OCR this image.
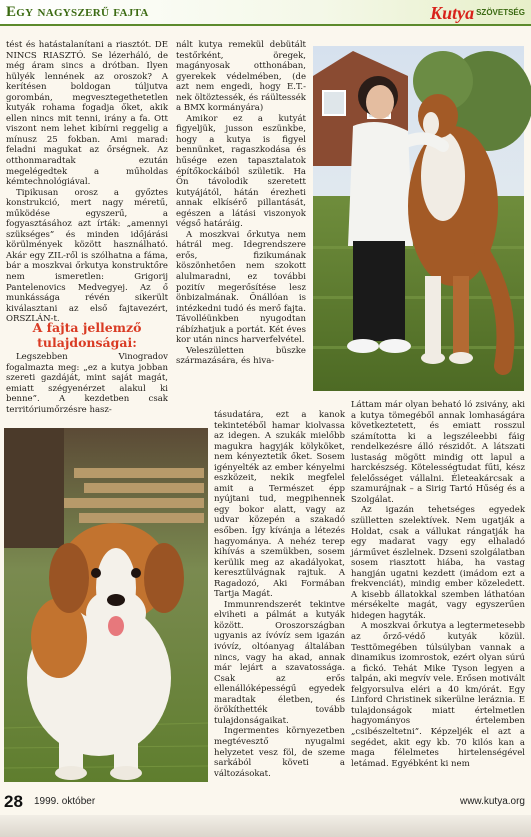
Egy nagyszerű fajta	Kutya $^{SZÖVETSÉG}$

tést és hatástalanítani a riasztót. DE NINCS RIASZTÓ. Se lézerháló, de még áram sincs a drótban. Ilyen hülyék lennének az oroszok? A kerítésen boldogan túljutva gorombán, megvesztegethetetlen kutyák rohama fogadja őket, akik ellen nincs mit tenni, irány a fa. Ott viszont nem lehet kibírni reggelig a mínusz 25 fokban. Ami marad: feladni magukat az őrségnek. Az otthonmaradtak ezután megelégedtek a műholdas kémtechnológiával.

Tipikusan orosz a győztes konstrukció, mert nagy méretű, működése egyszerű, a fogyasztásához azt írták: „amennyi szükséges” és minden időjárási körülmények között használható. Akár egy ZIL-ről is szólhatna a fáma, bár a moszkvai őrkutya konstruktőre nem ismeretlen: Grigorij Pantelenovics Medvegyej. Az ő munkássága révén sikerült kiválasztani az első fajtavezért, ORSZLÁN-t.

A fajta jellemző tulajdonságai:

Legszebben Vinogradov fogalmazta meg: „ez a kutya jobban szereti gazdáját, mint saját magát, emiatt szégyenérzet alakul ki benne”. A kezdetben csak territóriumőrzésre hasz-

nált kutya remekül debütált testőrként, öregek, magányosak otthonában, gyerekek védelmében, (de azt nem engedi, hogy E.T.-nek öltöztessék, és ráültessék a BMX kormányára)

Amikor ez a kutyát figyeljük, jusson eszünkbe, hogy a kutya is figyel bennünket, ragaszkodása és hűsége ezen tapasztalatok építőkockáiból születik. Ha Ön távolodik szeretett kutyájától, hátán érezheti annak elkísérő pillantását, egészen a látási viszonyok végső határáig.

A moszkvai őrkutya nem hátrál meg. Idegrendszere erős, fizikumának köszönhetően nem szokott alulmaradni, ez további pozitív megerősítése lesz önbizalmának. Önállóan is intézkedni tudó és merő fajta. Távolléünkben nyugodtan rábízhatjuk a portát. Két éves kor után nincs harverfelvétel.

Veleszületten büszke származására, és hiva-

tásudatára, ezt a kanok tekintetéből hamar kiolvassa az idegen. A szukák mielőbb magukra hagyják kölyköket, nem kényeztetik őket. Sosem igényelték az ember kényelmi eszközeit, nekik megfelel amit a Természet épp nyújtani tud, megpihennek egy bokor alatt, vagy az udvar közepén a szakadó esőben. Így kívánja a létezés hagyománya. A nehéz terep kihívás a szemükben, sosem kerülik meg az akadályokat, keresztülvágnak rajtuk. A Ragadozó, Aki Formában Tartja Magát.

Immunrendszerét tekintve elviheti a pálmát a kutyák között. Oroszországban ugyanis az ívóvíz sem igazán ivóvíz, oltóanyag általában nincs, vagy ha akad, annak már lejárt a szavatossága. Csak az erős ellenállóképességű egyedek maradtak életben, és örökíthették tovább tulajdonságaikat.

Ingermentes környezetben megtévesztő nyugalmi helyzetet vesz föl, de szeme sarkából követi a változásokat.

Láttam már olyan beható ló zsivány, aki a kutya tömegéből annak lomhaságára következtetett, és emiatt rosszul számította ki a legszéleebbi fáig rendelkezésre álló részidőt. A látszati lustaság mögött mindig ott lapul a harckészség. Kötelességtudat fűti, kész felelősséget vállalni. Életeakárcsak a szamurájnak – a Sirig Tartó Hűség és a Szolgálat.

Az igazán tehetséges egyedek szülletten szelektívek. Nem ugatják a Holdat, csak a vállukat rángatják ha egy madarat vagy egy elhaladó járművet észlelnek. Dzseni szolgálatban sosem riasztott hiába, ha vastag hangján ugatni kezdett (imádom ezt a frekvenciát), mindig ember közeledett. A kisebb állatokkal szemben láthatóan mérsékelte magát, vagy egyszerűen hidegen hagyták.

A moszkvai őrkutya a legtermetesebb az őrző-védő kutyák közül. Testtömegében túlsúlyban vannak a dinamikus izomrostok, ezért olyan súrú a fickó. Tehát Mike Tyson legyen a talpán, aki megvív vele. Erősen motivált felgyorsulva eléri a 40 km/órát. Egy Linford Christinek sikerülne leráznia. E tulajdonságok miatt értelmetlen hagyományos értelemben „csibészeltetni”. Képzeljék el azt a segédet, akit egy kb. 70 kilós kan a maga félelmetes hirtelenségével letámad. Egyébként ki nem

28 1999. október	www.kutya.org
